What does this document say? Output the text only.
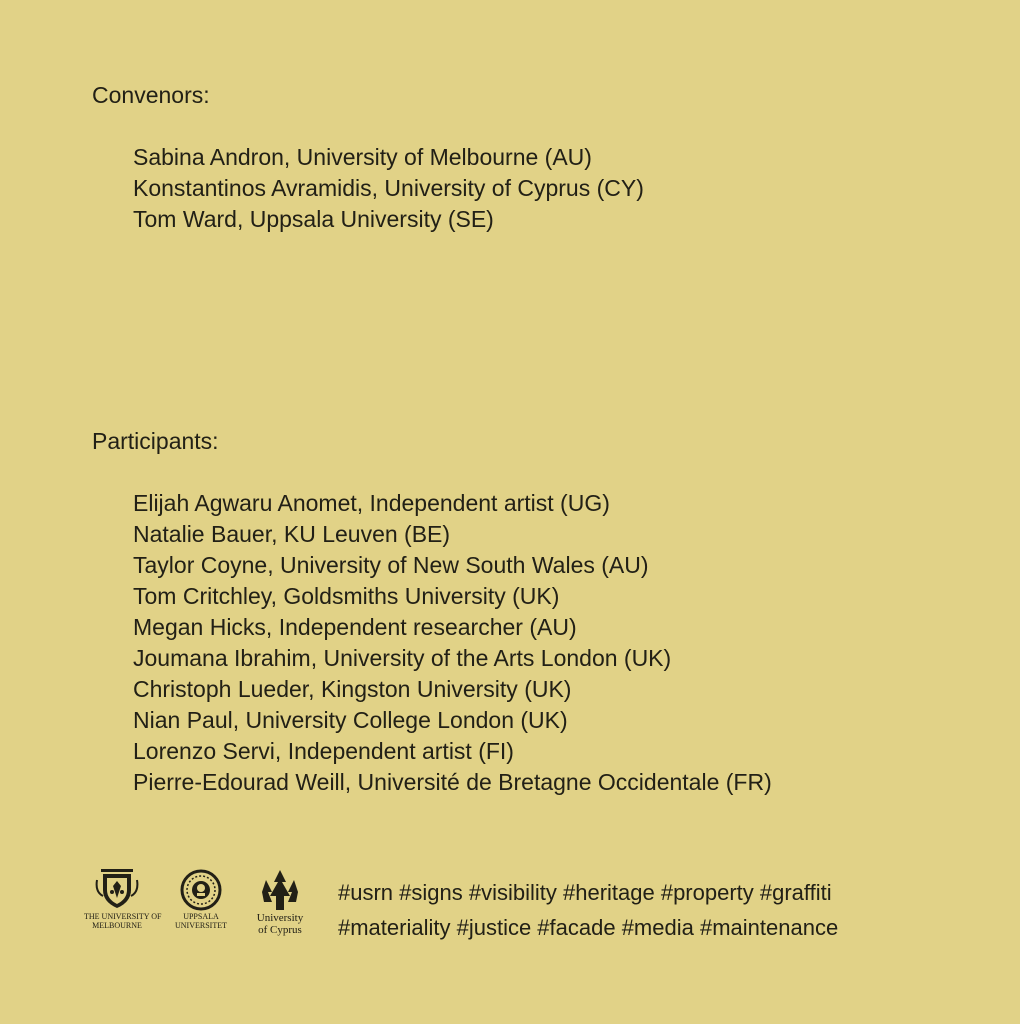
Convenors:
Sabina Andron, University of Melbourne (AU)
Konstantinos Avramidis, University of Cyprus (CY)
Tom Ward, Uppsala University (SE)
Participants:
Elijah Agwaru Anomet, Independent artist (UG)
Natalie Bauer, KU Leuven (BE)
Taylor Coyne, University of New South Wales (AU)
Tom Critchley, Goldsmiths University (UK)
Megan Hicks, Independent researcher (AU)
Joumana Ibrahim, University of the Arts London (UK)
Christoph Lueder, Kingston University (UK)
Nian Paul, University College London (UK)
Lorenzo Servi, Independent artist (FI)
Pierre-Edourad Weill, Université de Bretagne Occidentale (FR)
THE UNIVERSITY OF
MELBOURNE
UPPSALA
UNIVERSITET
University
of Cyprus
#usrn #signs #visibility #heritage #property #graffiti
#materiality #justice #facade #media #maintenance
